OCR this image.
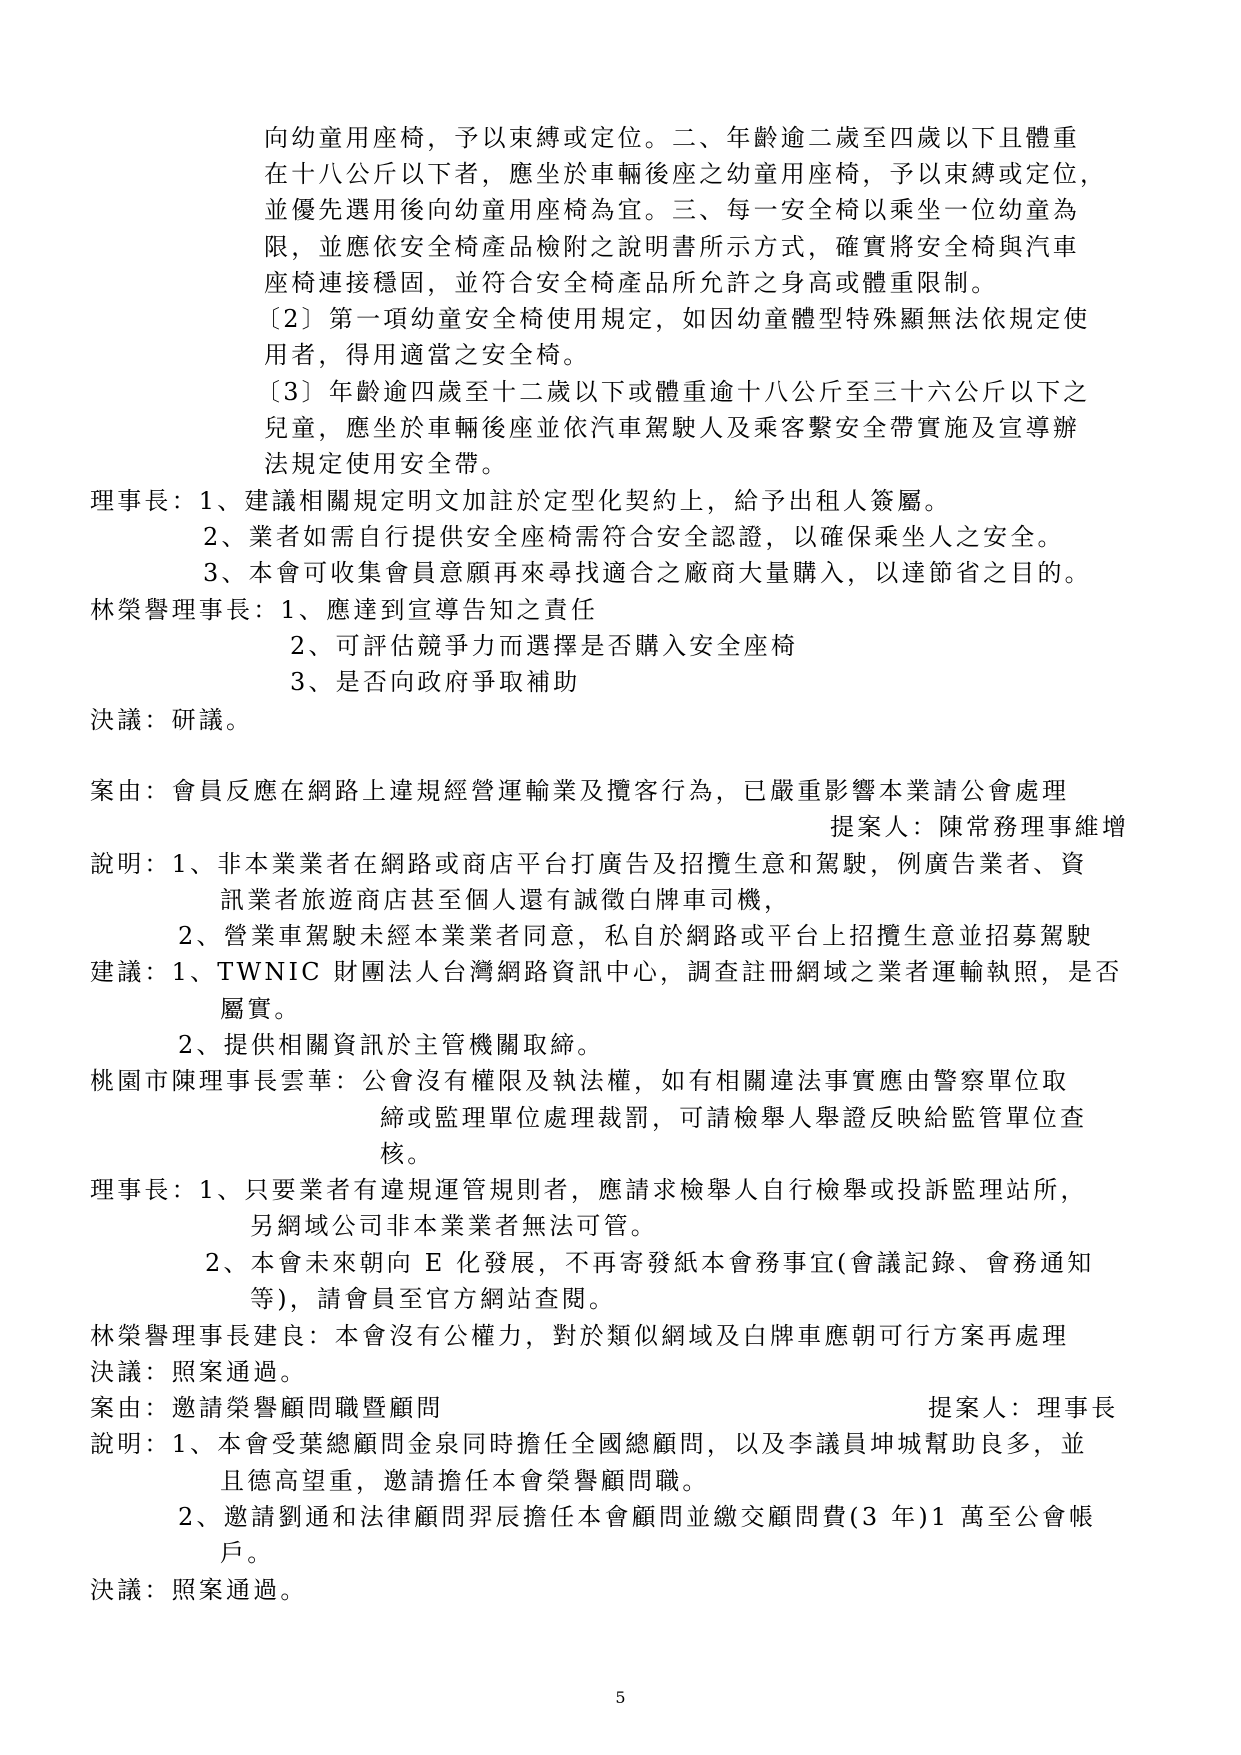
向幼童用座椅，予以束縛或定位。二、年齡逾二歲至四歲以下且體重
在十八公斤以下者，應坐於車輛後座之幼童用座椅，予以束縛或定位，
並優先選用後向幼童用座椅為宜。三、每一安全椅以乘坐一位幼童為
限，並應依安全椅產品檢附之說明書所示方式，確實將安全椅與汽車
座椅連接穩固，並符合安全椅產品所允許之身高或體重限制。
〔2〕第一項幼童安全椅使用規定，如因幼童體型特殊顯無法依規定使
用者，得用適當之安全椅。
〔3〕年齡逾四歲至十二歲以下或體重逾十八公斤至三十六公斤以下之
兒童，應坐於車輛後座並依汽車駕駛人及乘客繫安全帶實施及宣導辦
法規定使用安全帶。
理事長：1、建議相關規定明文加註於定型化契約上，給予出租人簽屬。
2、業者如需自行提供安全座椅需符合安全認證，以確保乘坐人之安全。
3、本會可收集會員意願再來尋找適合之廠商大量購入，以達節省之目的。
林榮譽理事長：1、應達到宣導告知之責任
2、可評估競爭力而選擇是否購入安全座椅
3、是否向政府爭取補助
決議：研議。
案由：會員反應在網路上違規經營運輸業及攬客行為，已嚴重影響本業請公會處理
提案人：陳常務理事維增
說明：1、非本業業者在網路或商店平台打廣告及招攬生意和駕駛，例廣告業者、資
訊業者旅遊商店甚至個人還有誠徵白牌車司機，
2、營業車駕駛未經本業業者同意，私自於網路或平台上招攬生意並招募駕駛
建議：1、TWNIC 財團法人台灣網路資訊中心，調查註冊網域之業者運輸執照，是否
屬實。
2、提供相關資訊於主管機關取締。
桃園市陳理事長雲華：公會沒有權限及執法權，如有相關違法事實應由警察單位取
締或監理單位處理裁罰，可請檢舉人舉證反映給監管單位查
核。
理事長：1、只要業者有違規運管規則者，應請求檢舉人自行檢舉或投訴監理站所，
另網域公司非本業業者無法可管。
2、本會未來朝向 E 化發展，不再寄發紙本會務事宜(會議記錄、會務通知
等)，請會員至官方網站查閱。
林榮譽理事長建良：本會沒有公權力，對於類似網域及白牌車應朝可行方案再處理
決議：照案通過。
案由：邀請榮譽顧問職暨顧問	提案人：理事長
說明：1、本會受葉總顧問金泉同時擔任全國總顧問，以及李議員坤城幫助良多，並
且德高望重，邀請擔任本會榮譽顧問職。
2、邀請劉通和法律顧問羿辰擔任本會顧問並繳交顧問費(3 年)1 萬至公會帳
戶。
決議：照案通過。
5
